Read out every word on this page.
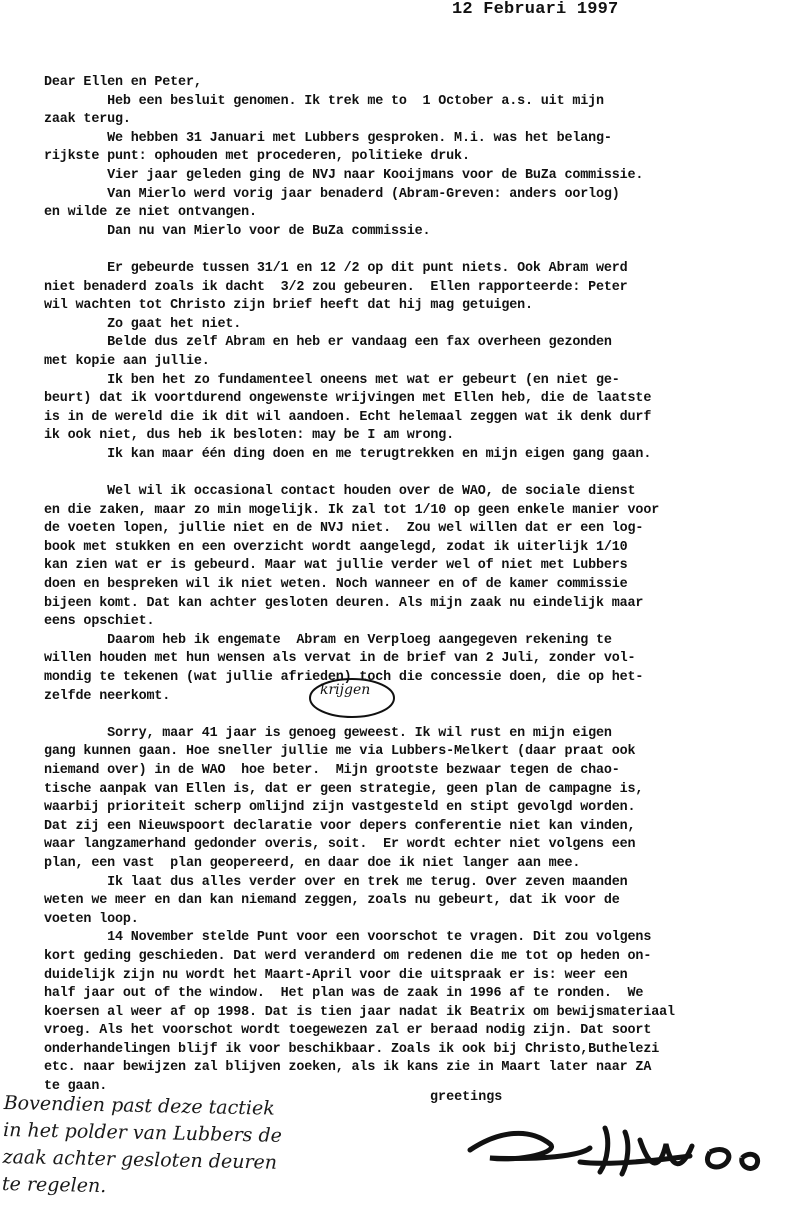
12 Februari 1997
Dear Ellen en Peter,
Heb een besluit genomen. Ik trek me to  1 October a.s. uit mijn
zaak terug.
We hebben 31 Januari met Lubbers gesproken. M.i. was het belang-
rijkste punt: ophouden met procederen, politieke druk.
Vier jaar geleden ging de NVJ naar Kooijmans voor de BuZa commissie.
Van Mierlo werd vorig jaar benaderd (Abram-Greven: anders oorlog)
en wilde ze niet ontvangen.
Dan nu van Mierlo voor de BuZa commissie.
Er gebeurde tussen 31/1 en 12 /2 op dit punt niets. Ook Abram werd
niet benaderd zoals ik dacht  3/2 zou gebeuren.  Ellen rapporteerde: Peter
wil wachten tot Christo zijn brief heeft dat hij mag getuigen.
Zo gaat het niet.
Belde dus zelf Abram en heb er vandaag een fax overheen gezonden
met kopie aan jullie.
Ik ben het zo fundamenteel oneens met wat er gebeurt (en niet ge-
beurt) dat ik voortdurend ongewenste wrijvingen met Ellen heb, die de laatste
is in de wereld die ik dit wil aandoen. Echt helemaal zeggen wat ik denk durf
ik ook niet, dus heb ik besloten: may be I am wrong.
Ik kan maar één ding doen en me terugtrekken en mijn eigen gang gaan.
Wel wil ik occasional contact houden over de WAO, de sociale dienst
en die zaken, maar zo min mogelijk. Ik zal tot 1/10 op geen enkele manier voor
de voeten lopen, jullie niet en de NVJ niet.  Zou wel willen dat er een log-
book met stukken en een overzicht wordt aangelegd, zodat ik uiterlijk 1/10
kan zien wat er is gebeurd. Maar wat jullie verder wel of niet met Lubbers
doen en bespreken wil ik niet weten. Noch wanneer en of de kamer commissie
bijeen komt. Dat kan achter gesloten deuren. Als mijn zaak nu eindelijk maar
eens opschiet.
Daarom heb ik engemate  Abram en Verploeg aangegeven rekening te
willen houden met hun wensen als vervat in de brief van 2 Juli, zonder vol-
mondig te tekenen (wat jullie afrieden) toch die concessie doen, die op het-
zelfde neerkomt.
Sorry, maar 41 jaar is genoeg geweest. Ik wil rust en mijn eigen
gang kunnen gaan. Hoe sneller jullie me via Lubbers-Melkert (daar praat ook
niemand over) in de WAO  hoe beter.  Mijn grootste bezwaar tegen de chao-
tische aanpak van Ellen is, dat er geen strategie, geen plan de campagne is,
waarbij prioriteit scherp omlijnd zijn vastgesteld en stipt gevolgd worden.
Dat zij een Nieuwspoort declaratie voor depers conferentie niet kan vinden,
waar langzamerhand gedonder overis, soit.  Er wordt echter niet volgens een
plan, een vast  plan geopereerd, en daar doe ik niet langer aan mee.
Ik laat dus alles verder over en trek me terug. Over zeven maanden
weten we meer en dan kan niemand zeggen, zoals nu gebeurt, dat ik voor de
voeten loop.
14 November stelde Punt voor een voorschot te vragen. Dit zou volgens
kort geding geschieden. Dat werd veranderd om redenen die me tot op heden on-
duidelijk zijn nu wordt het Maart-April voor die uitspraak er is: weer een
half jaar out of the window.  Het plan was de zaak in 1996 af te ronden.  We
koersen al weer af op 1998. Dat is tien jaar nadat ik Beatrix om bewijsmateriaal
vroeg. Als het voorschot wordt toegewezen zal er beraad nodig zijn. Dat soort
onderhandelingen blijf ik voor beschikbaar. Zoals ik ook bij Christo,Buthelezi
etc. naar bewijzen zal blijven zoeken, als ik kans zie in Maart later naar ZA
te gaan.
krijgen
greetings
Bovendien past deze tactiek
in het polder van Lubbers de
zaak achter gesloten deuren
te regelen.
